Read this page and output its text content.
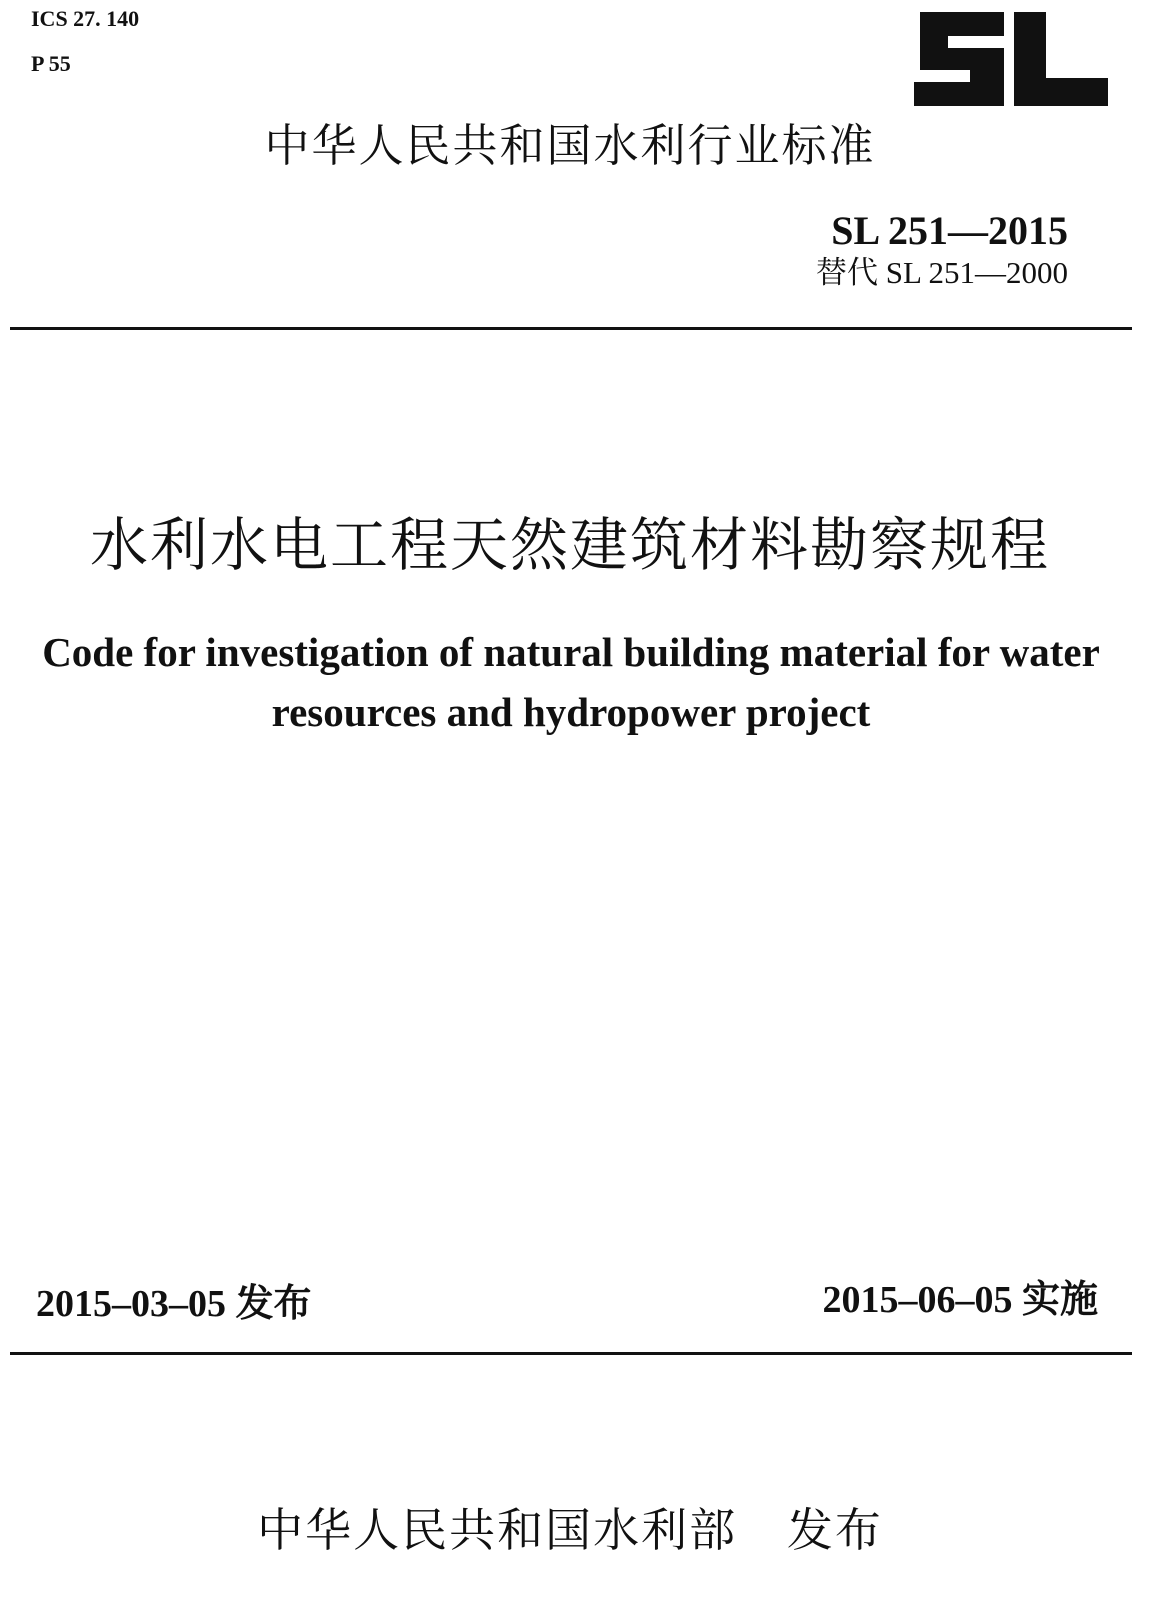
ICS 27. 140
P 55
中华人民共和国水利行业标准
SL 251—2015
替代 SL 251—2000
水利水电工程天然建筑材料勘察规程
Code for investigation of natural building material for water
resources and hydropower project
2015–03–05 发布	2015–06–05 实施
中华人民共和国水利部   发布
